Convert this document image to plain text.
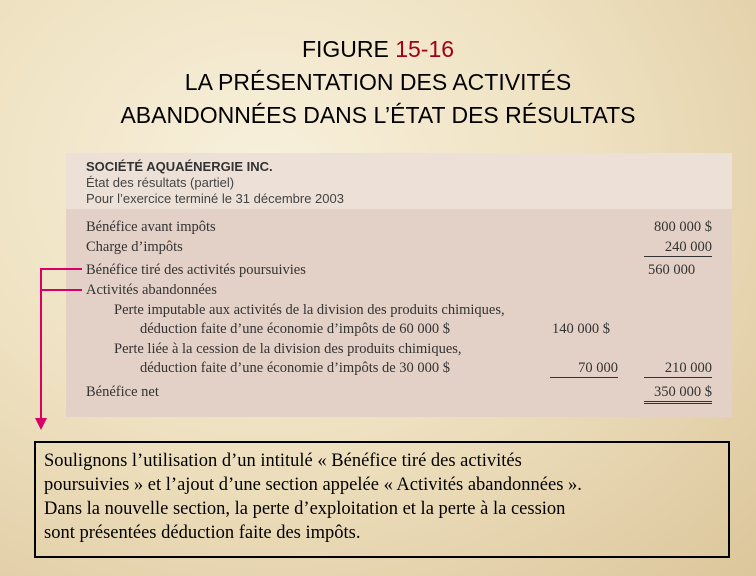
FIGURE 15-16
LA PRÉSENTATION DES ACTIVITÉS
ABANDONNÉES DANS L’ÉTAT DES RÉSULTATS
SOCIÉTÉ AQUAÉNERGIE INC.
État des résultats (partiel)
Pour l’exercice terminé le 31 décembre 2003
Bénéfice avant impôts	800 000 $
Charge d’impôts	240 000
Bénéfice tiré des activités poursuivies	560 000
Activités abandonnées
Perte imputable aux activités de la division des produits chimiques,
déduction faite d’une économie d’impôts de 60 000 $	140 000 $
Perte liée à la cession de la division des produits chimiques,
déduction faite d’une économie d’impôts de 30 000 $	70 000	210 000
Bénéfice net	350 000 $
Soulignons l’utilisation d’un intitulé « Bénéfice tiré des activités
poursuivies » et l’ajout d’une section appelée « Activités abandonnées ».
Dans la nouvelle section, la perte d’exploitation et la perte à la cession
sont présentées déduction faite des impôts.
